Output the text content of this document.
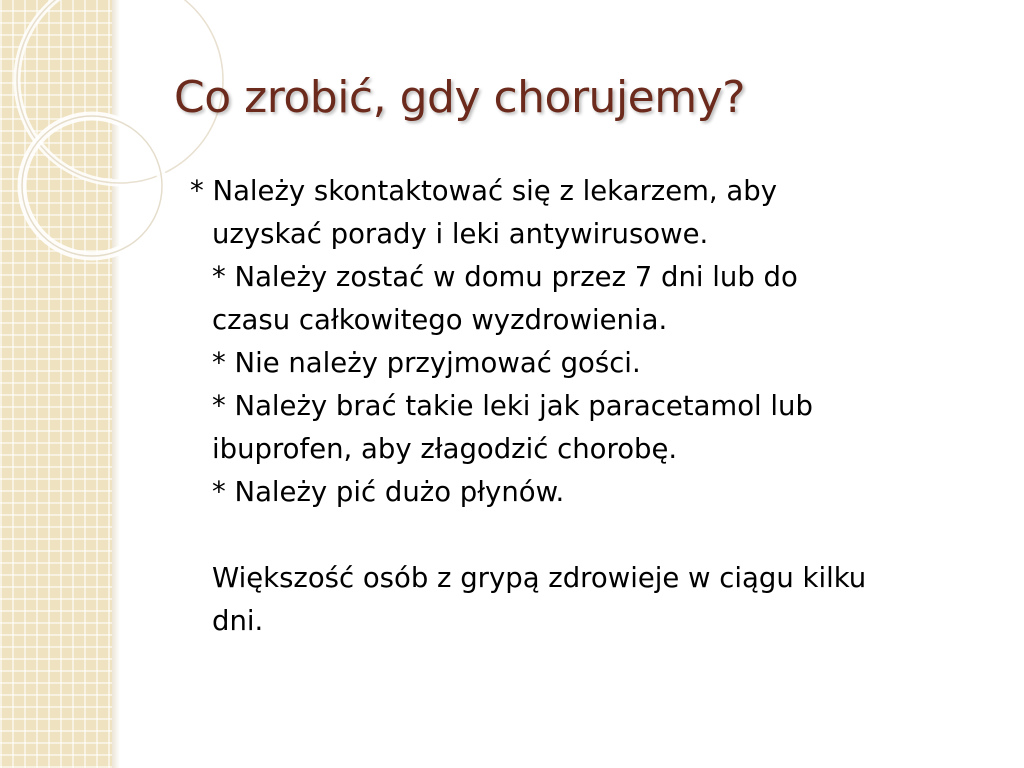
Co zrobić, gdy chorujemy?
* Należy skontaktować się z lekarzem, aby
uzyskać porady i leki antywirusowe.
* Należy zostać w domu przez 7 dni lub do
czasu całkowitego wyzdrowienia.
* Nie należy przyjmować gości.
* Należy brać takie leki jak paracetamol lub
ibuprofen, aby złagodzić chorobę.
* Należy pić dużo płynów.
Większość osób z grypą zdrowieje w ciągu kilku
dni.
